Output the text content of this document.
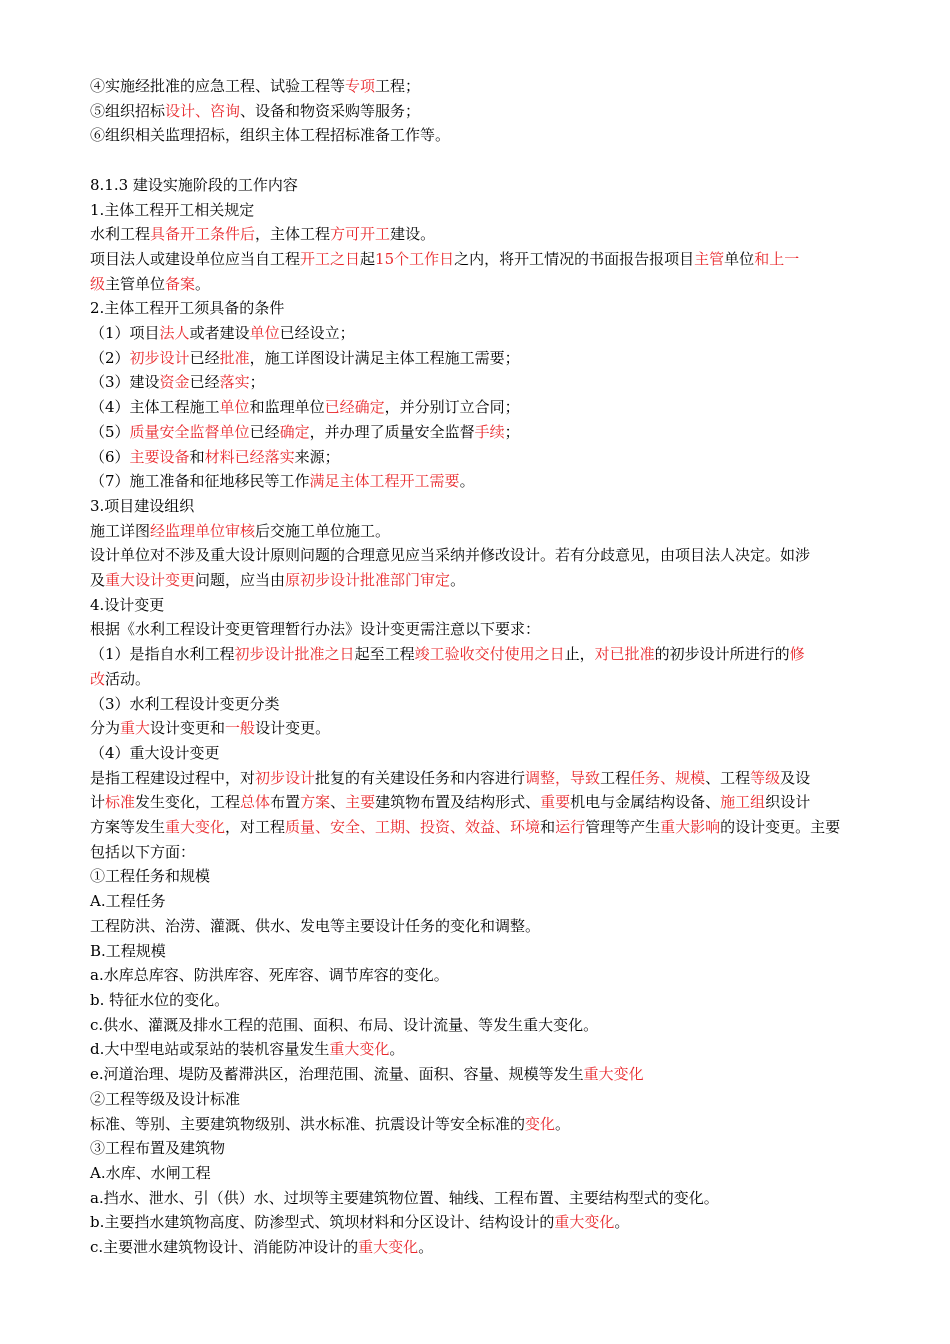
④实施经批准的应急工程、试验工程等专项工程；
⑤组织招标设计、咨询、设备和物资采购等服务；
⑥组织相关监理招标，组织主体工程招标准备工作等。
8.1.3 建设实施阶段的工作内容
1.主体工程开工相关规定
水利工程具备开工条件后，主体工程方可开工建设。
项目法人或建设单位应当自工程开工之日起15个工作日之内，将开工情况的书面报告报项目主管单位和上一
级主管单位备案。
2.主体工程开工须具备的条件
（1）项目法人或者建设单位已经设立；
（2）初步设计已经批准，施工详图设计满足主体工程施工需要；
（3）建设资金已经落实；
（4）主体工程施工单位和监理单位已经确定，并分别订立合同；
（5）质量安全监督单位已经确定，并办理了质量安全监督手续；
（6）主要设备和材料已经落实来源；
（7）施工准备和征地移民等工作满足主体工程开工需要。
3.项目建设组织
施工详图经监理单位审核后交施工单位施工。
设计单位对不涉及重大设计原则问题的合理意见应当采纳并修改设计。若有分歧意见，由项目法人决定。如涉
及重大设计变更问题，应当由原初步设计批准部门审定。
4.设计变更
根据《水利工程设计变更管理暂行办法》设计变更需注意以下要求：
（1）是指自水利工程初步设计批准之日起至工程竣工验收交付使用之日止，对已批准的初步设计所进行的修
改活动。
（3）水利工程设计变更分类
分为重大设计变更和一般设计变更。
（4）重大设计变更
是指工程建设过程中，对初步设计批复的有关建设任务和内容进行调整，导致工程任务、规模、工程等级及设
计标准发生变化，工程总体布置方案、主要建筑物布置及结构形式、重要机电与金属结构设备、施工组织设计
方案等发生重大变化，对工程质量、安全、工期、投资、效益、环境和运行管理等产生重大影响的设计变更。主要
包括以下方面：
①工程任务和规模
A.工程任务
工程防洪、治涝、灌溉、供水、发电等主要设计任务的变化和调整。
B.工程规模
a.水库总库容、防洪库容、死库容、调节库容的变化。
b. 特征水位的变化。
c.供水、灌溉及排水工程的范围、面积、布局、设计流量、等发生重大变化。
d.大中型电站或泵站的装机容量发生重大变化。
e.河道治理、堤防及蓄滞洪区，治理范围、流量、面积、容量、规模等发生重大变化
②工程等级及设计标准
标准、等别、主要建筑物级别、洪水标准、抗震设计等安全标准的变化。
③工程布置及建筑物
A.水库、水闸工程
a.挡水、泄水、引（供）水、过坝等主要建筑物位置、轴线、工程布置、主要结构型式的变化。
b.主要挡水建筑物高度、防渗型式、筑坝材料和分区设计、结构设计的重大变化。
c.主要泄水建筑物设计、消能防冲设计的重大变化。
